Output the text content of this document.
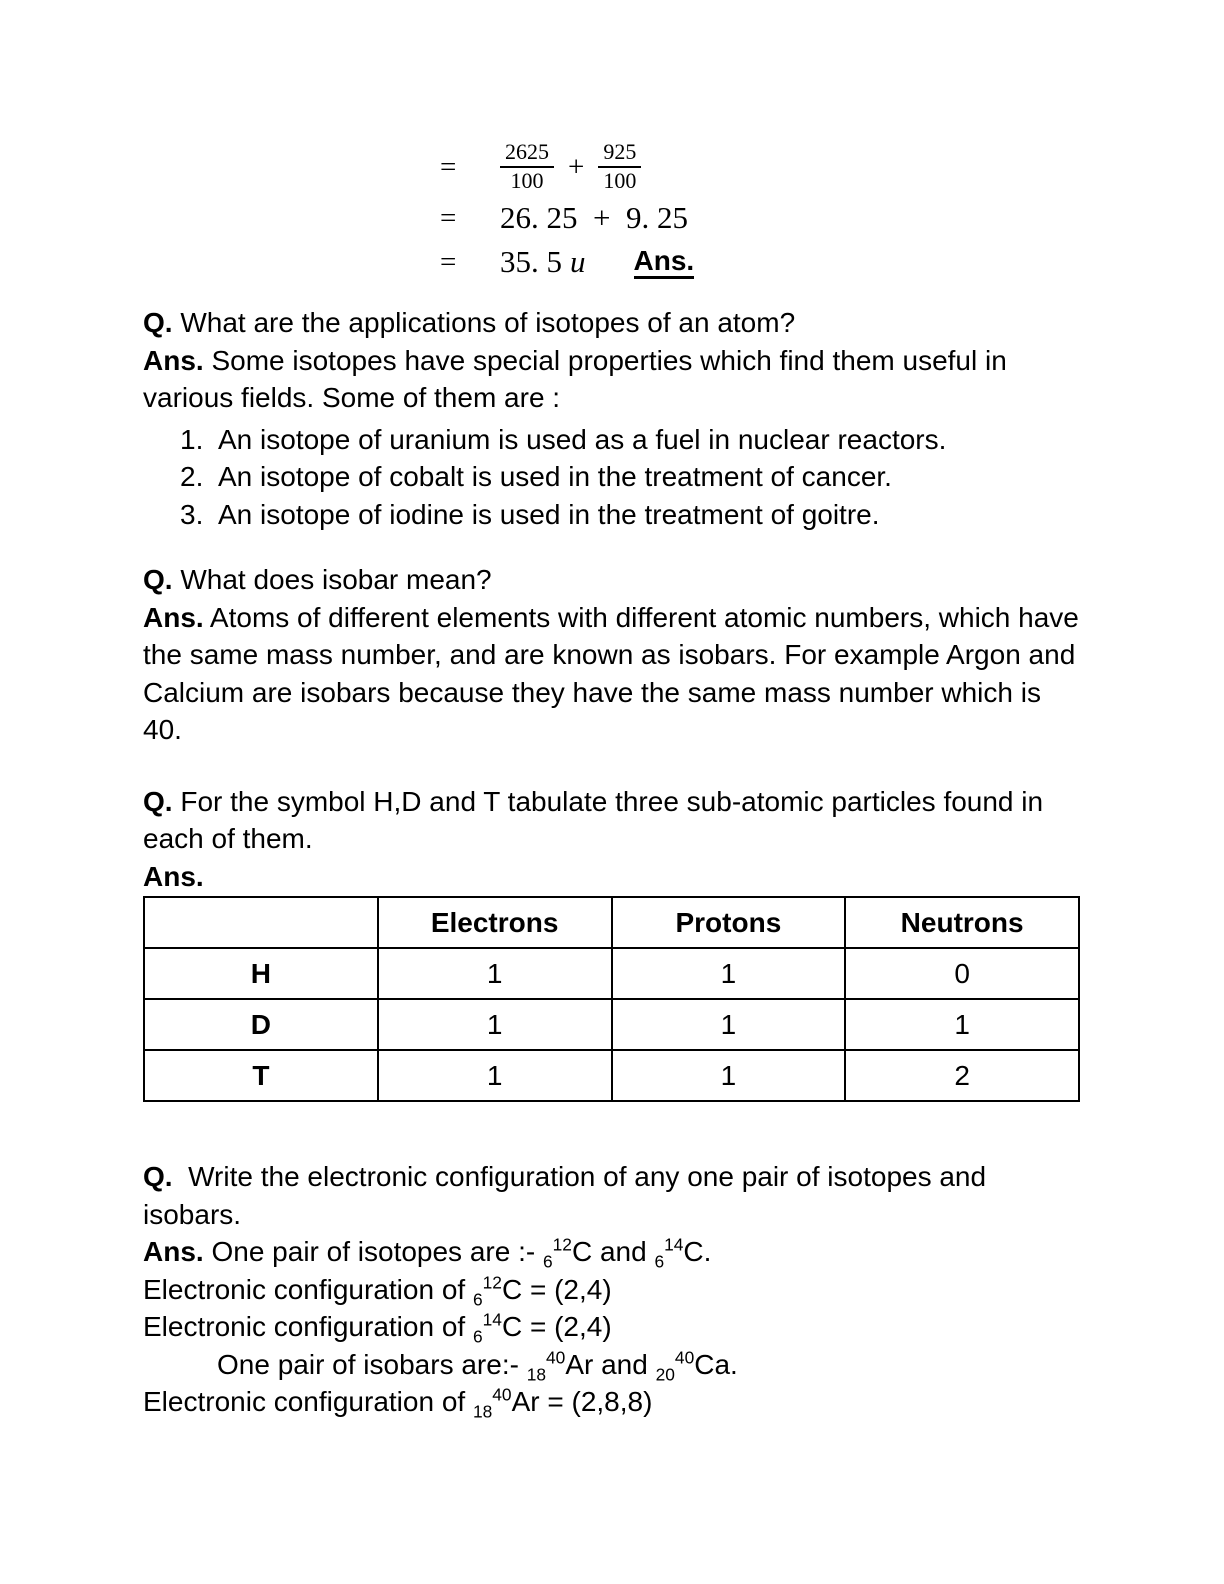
=	$\frac{2625}{100} + \frac{925}{100}$
=	26. 25  +  9. 25
=	35. 5 u Ans.

Q. What are the applications of isotopes of an atom?

Ans. Some isotopes have special properties which find them useful in various fields. Some of them are :

1. An isotope of uranium is used as a fuel in nuclear reactors.
2. An isotope of cobalt is used in the treatment of cancer.
3. An isotope of iodine is used in the treatment of goitre.

Q. What does isobar mean?

Ans. Atoms of different elements with different atomic numbers, which have the same mass number, and are known as isobars. For example Argon and Calcium are isobars because they have the same mass number which is 40.

Q. For the symbol H,D and T tabulate three sub-atomic particles found in each of them.

Ans.

	Electrons	Protons	Neutrons
H	1	1	0
D	1	1	1
T	1	1	2

Q.  Write the electronic configuration of any one pair of isotopes and isobars.

Ans. One pair of isotopes are :- $_6^{12}$C and $_6^{14}$C.

Electronic configuration of $_6^{12}$C = (2,4)

Electronic configuration of $_6^{14}$C = (2,4)

One pair of isobars are:- $_{18}^{40}$Ar and $_{20}^{40}$Ca.

Electronic configuration of $_{18}^{40}$Ar = (2,8,8)
